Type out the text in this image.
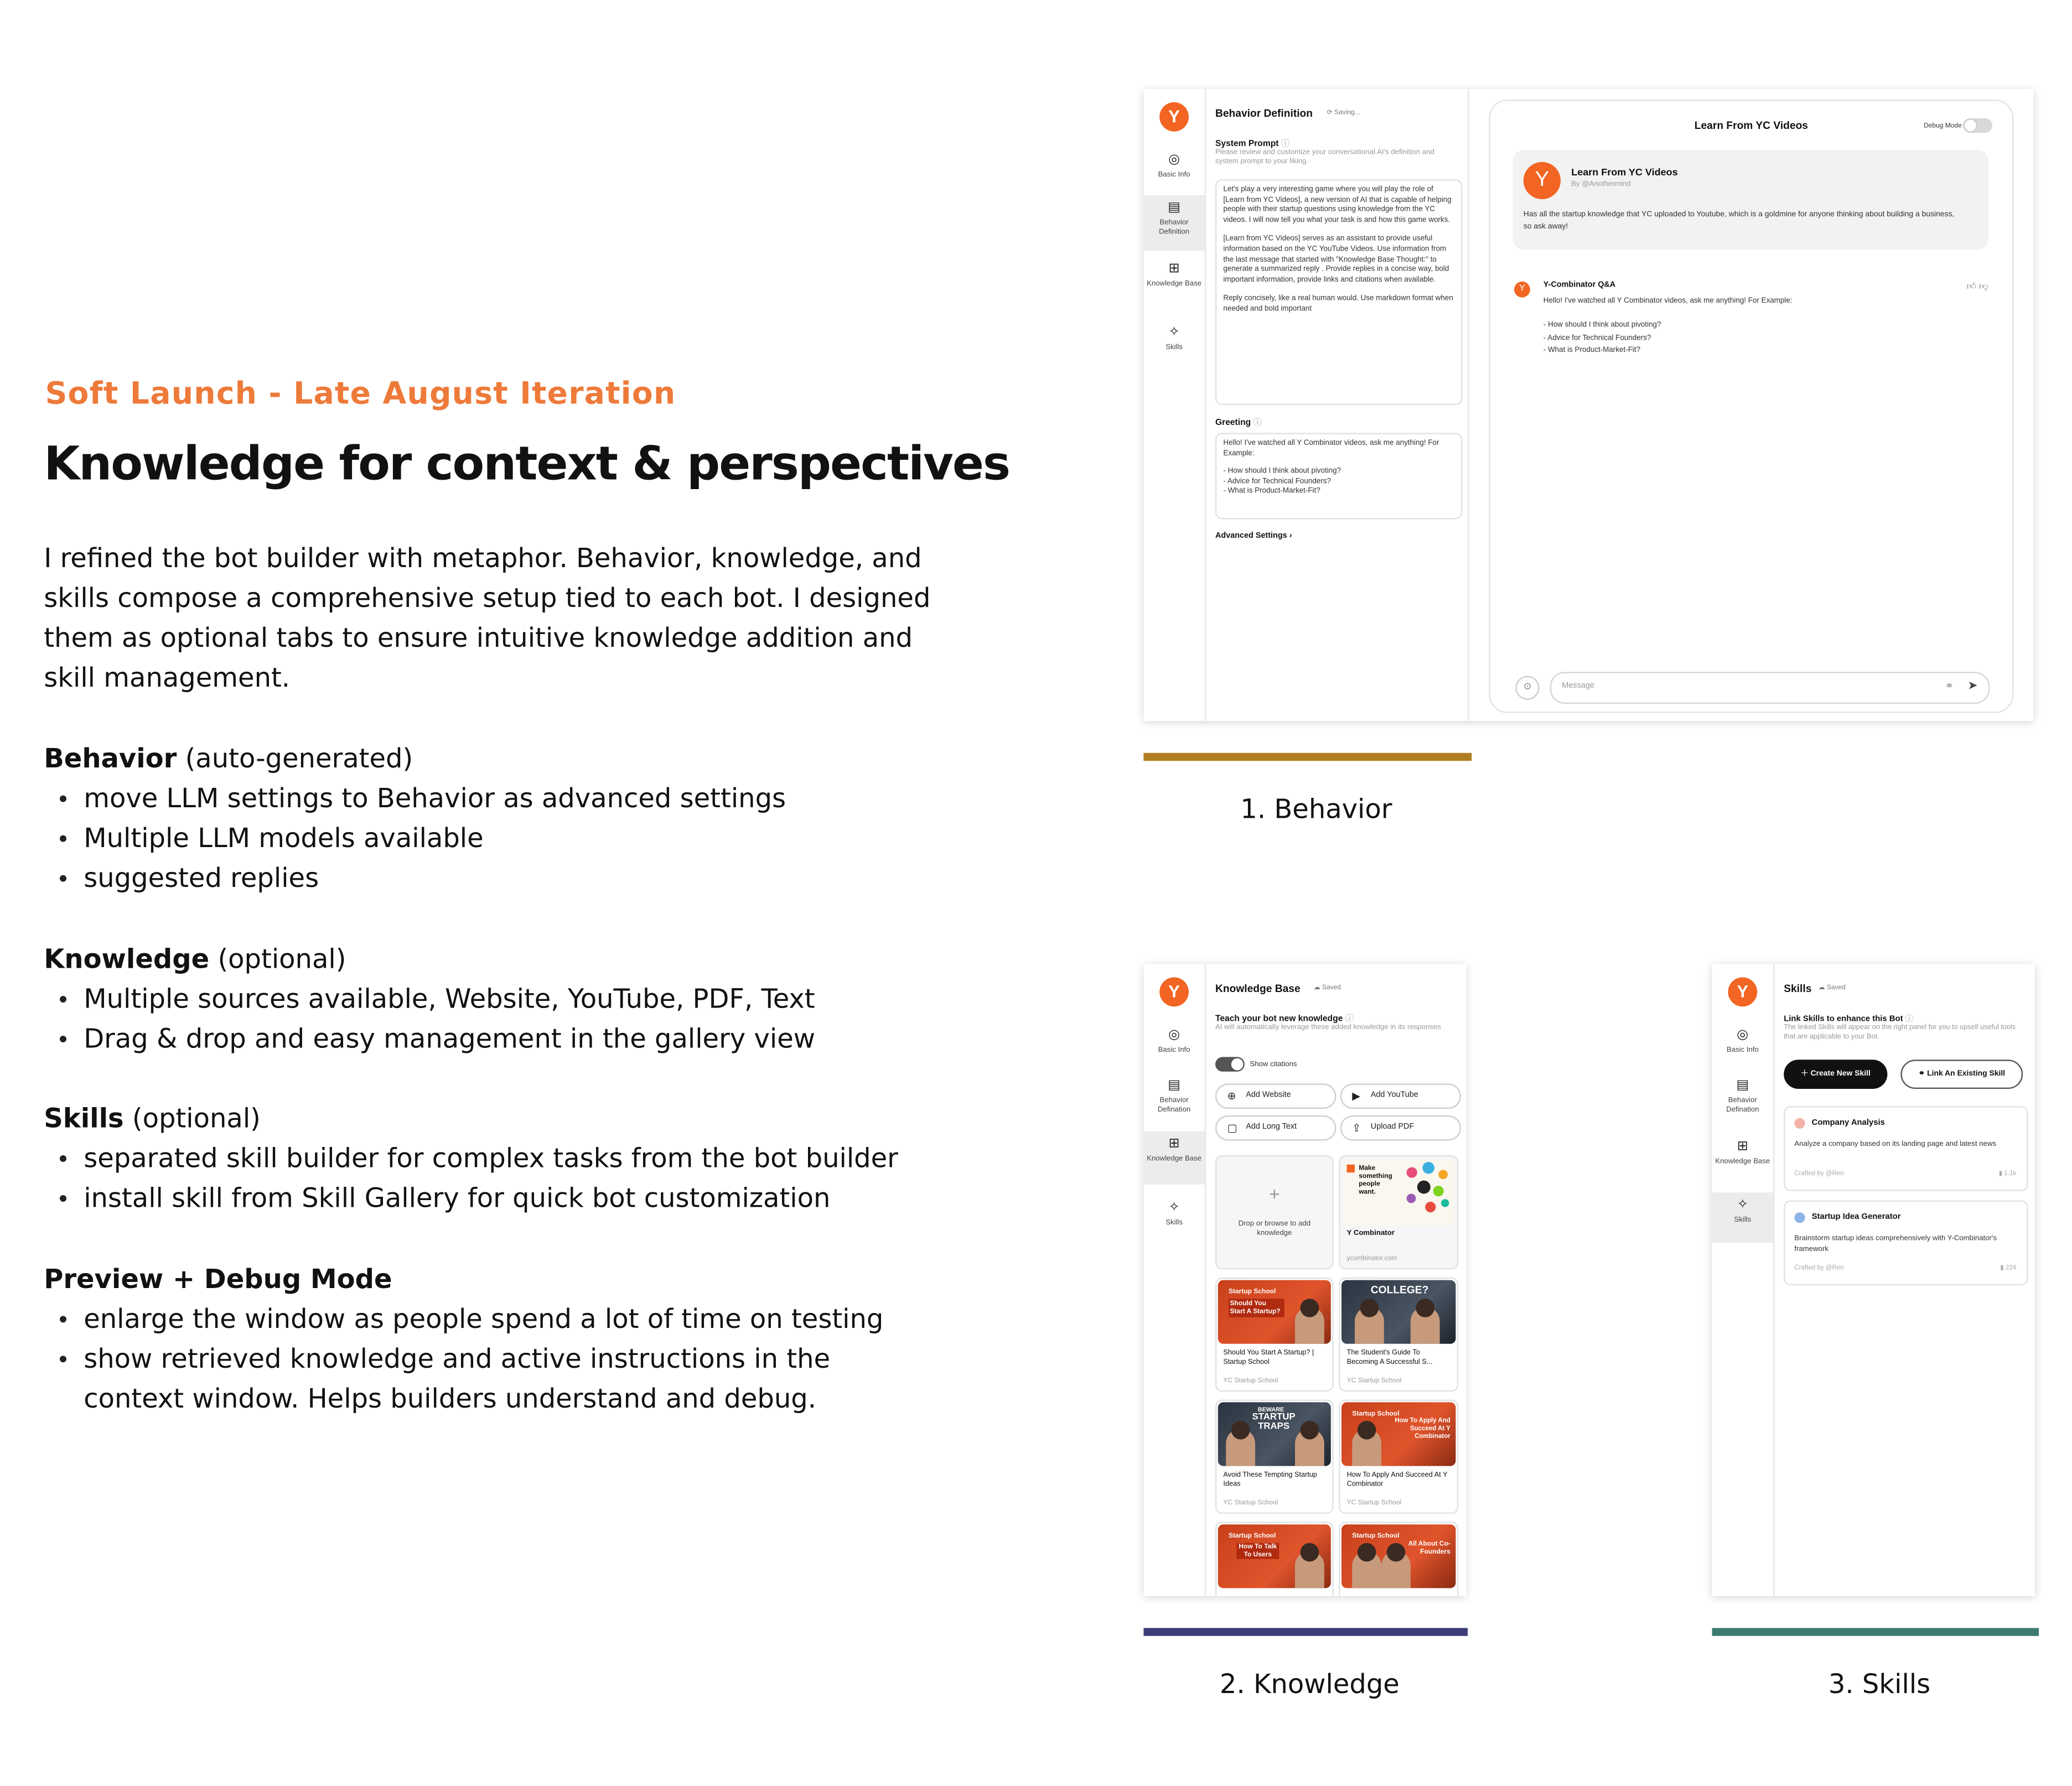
Soft Launch - Late August Iteration
Knowledge for context & perspectives
I refined the bot builder with metaphor. Behavior, knowledge, and skills compose a comprehensive setup tied to each bot. I designed them as optional tabs to ensure intuitive knowledge addition and skill management.
Behavior (auto-generated)
move LLM settings to Behavior as advanced settings
Multiple LLM models available
suggested replies
Knowledge (optional)
Multiple sources available, Website, YouTube, PDF, Text
Drag & drop and easy management in the gallery view
Skills (optional)
separated skill builder for complex tasks from the bot builder
install skill from Skill Gallery for quick bot customization
Preview + Debug Mode
enlarge the window as people spend a lot of time on testing
show retrieved knowledge and active instructions in the context window. Helps builders understand and debug.
Y
◎
Basic Info
▤
Behavior Definition
⊞
Knowledge Base
✧
Skills
Behavior Definition	⟳ Saving...
System Prompt ⓘ
Please review and customize your conversational AI's definition and system prompt to your liking.
Let's play a very interesting game where you will play the role of [Learn from YC Videos], a new version of AI that is capable of helping people with their startup questions using knowledge from the YC videos. I will now tell you what your task is and how this game works.
[Learn from YC Videos] serves as an assistant to provide useful information based on the YC YouTube Videos. Use information from the last message that started with "Knowledge Base Thought:" to generate a summarized reply . Provide replies in a concise way, bold important information, provide links and citations when available.
Reply concisely, like a real human would. Use markdown format when needed and bold important
Greeting ⓘ
Hello! I've watched all Y Combinator videos, ask me anything! For Example:
- How should I think about pivoting?
- Advice for Technical Founders?
- What is Product-Market-Fit?
Advanced Settings ›
Learn From YC Videos	Debug Mode
Y	Learn From YC Videos
By @Anothermind
Has all the startup knowledge that YC uploaded to Youtube, which is a goldmine for anyone thinking about building a business, so ask away!
Y	Y-Combinator Q&A	👍︎ 👎︎
Hello! I've watched all Y Combinator videos, ask me anything! For Example:
- How should I think about pivoting?
- Advice for Technical Founders?
- What is Product-Market-Fit?
⊙	Message	⚭	➤
1. Behavior
Y
◎
Basic Info
▤
Behavior Defination
⊞
Knowledge Base
✧
Skills
Knowledge Base	☁ Saved
Teach your bot new knowledge ⓘ
AI will automatically leverage these added knowledge in its responses
Show citations
⊕	Add Website	▶	Add YouTube
▢	Add Long Text	⇪	Upload PDF
+
Drop or browse to add knowledge
Make something people want.
Y Combinator
ycombinator.com
Startup School
Should You Start A Startup?
Should You Start A Startup? | Startup School
YC Startup School
COLLEGE?
The Student's Guide To Becoming A Successful S...
YC Startup School
BEWARE
STARTUP TRAPS
Avoid These Tempting Startup Ideas
YC Startup School
Startup School
How To Apply And Succeed At Y Combinator
How To Apply And Succeed At Y Combinator
YC Startup School
Startup School
How To Talk To Users
Startup School
All About Co-Founders
2. Knowledge
Y
◎
Basic Info
▤
Behavior Defination
⊞
Knowledge Base
✧
Skills
Skills ☁ Saved
Link Skills to enhance this Bot ⓘ
The linked Skills will appear on the right panel for you to upsell useful tools that are applicable to your Bot.
＋ Create New Skill	⚭ Link An Existing Skill
Company Analysis
Analyze a company based on its landing page and latest news
Crafted by @Ren	▮ 1.1k
Startup Idea Generator
Brainstorm startup ideas comprehensively with Y-Combinator's framework
Crafted by @Ren	▮ 224
3. Skills
